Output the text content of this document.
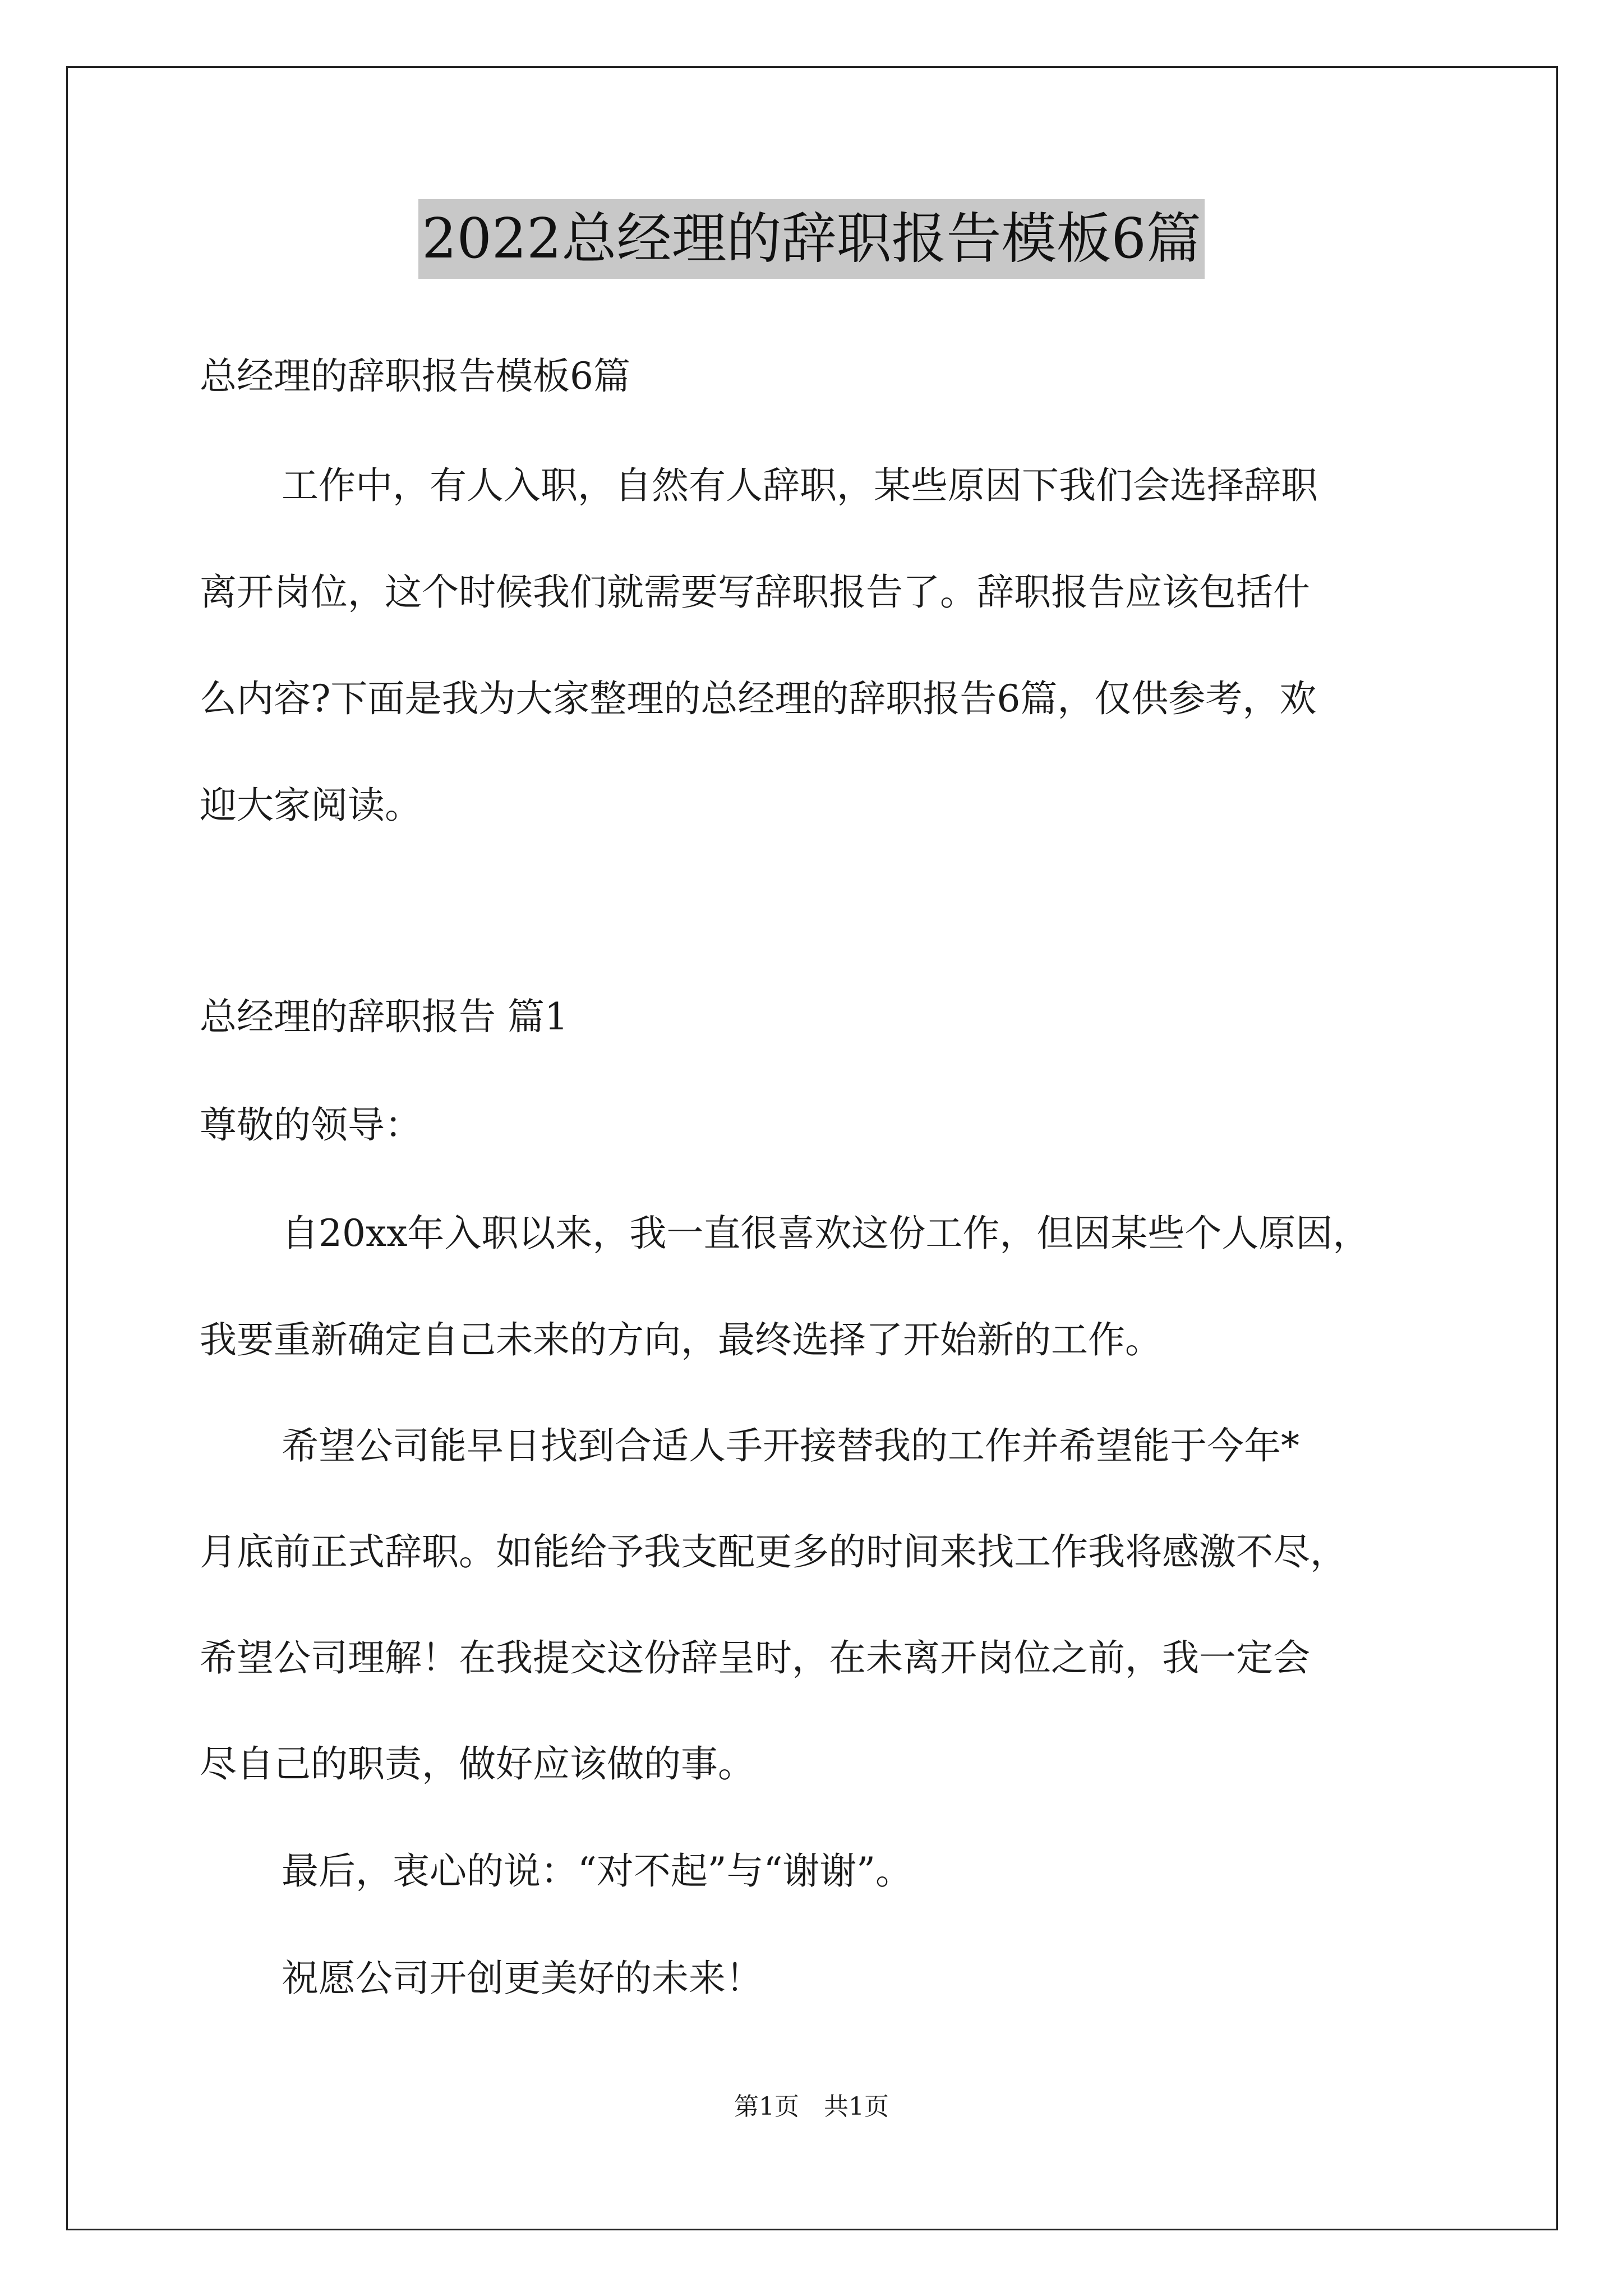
2022总经理的辞职报告模板6篇
总经理的辞职报告模板6篇
工作中，有人入职，自然有人辞职，某些原因下我们会选择辞职
离开岗位，这个时候我们就需要写辞职报告了。辞职报告应该包括什
么内容?下面是我为大家整理的总经理的辞职报告6篇，仅供参考，欢
迎大家阅读。
总经理的辞职报告 篇1
尊敬的领导：
自20xx年入职以来，我一直很喜欢这份工作，但因某些个人原因，
我要重新确定自己未来的方向，最终选择了开始新的工作。
希望公司能早日找到合适人手开接替我的工作并希望能于今年*
月底前正式辞职。如能给予我支配更多的时间来找工作我将感激不尽，
希望公司理解！在我提交这份辞呈时，在未离开岗位之前，我一定会
尽自己的职责，做好应该做的事。
最后，衷心的说：“对不起”与“谢谢”。
祝愿公司开创更美好的未来！
第1页　共1页
